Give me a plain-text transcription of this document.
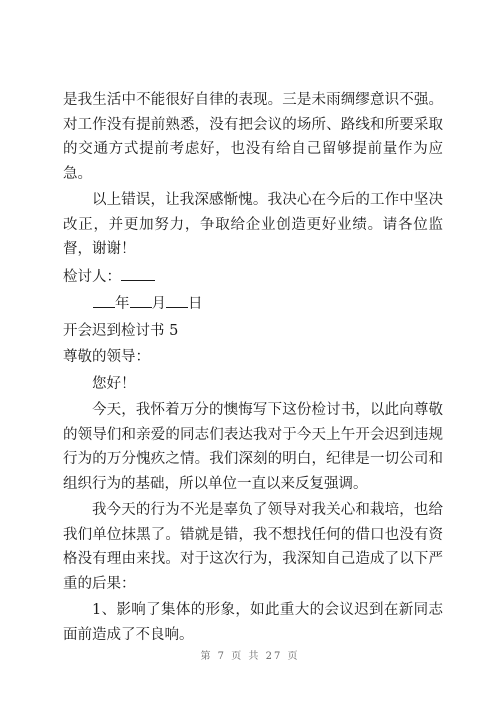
是我生活中不能很好自律的表现。三是未雨绸缪意识不强。对工作没有提前熟悉，没有把会议的场所、路线和所要采取的交通方式提前考虑好，也没有给自己留够提前量作为应急。

以上错误，让我深感惭愧。我决心在今后的工作中坚决改正，并更加努力，争取给企业创造更好业绩。请各位监督，谢谢！

检讨人：
年 月 日
开会迟到检讨书 5
尊敬的领导：
您好！

今天，我怀着万分的懊悔写下这份检讨书，以此向尊敬的领导们和亲爱的同志们表达我对于今天上午开会迟到违规行为的万分愧疚之情。我们深刻的明白，纪律是一切公司和组织行为的基础，所以单位一直以来反复强调。

我今天的行为不光是辜负了领导对我关心和栽培，也给我们单位抹黑了。错就是错，我不想找任何的借口也没有资格没有理由来找。对于这次行为，我深知自己造成了以下严重的后果：

1、影响了集体的形象，如此重大的会议迟到在新同志面前造成了不良响。

第 7 页 共 27 页
